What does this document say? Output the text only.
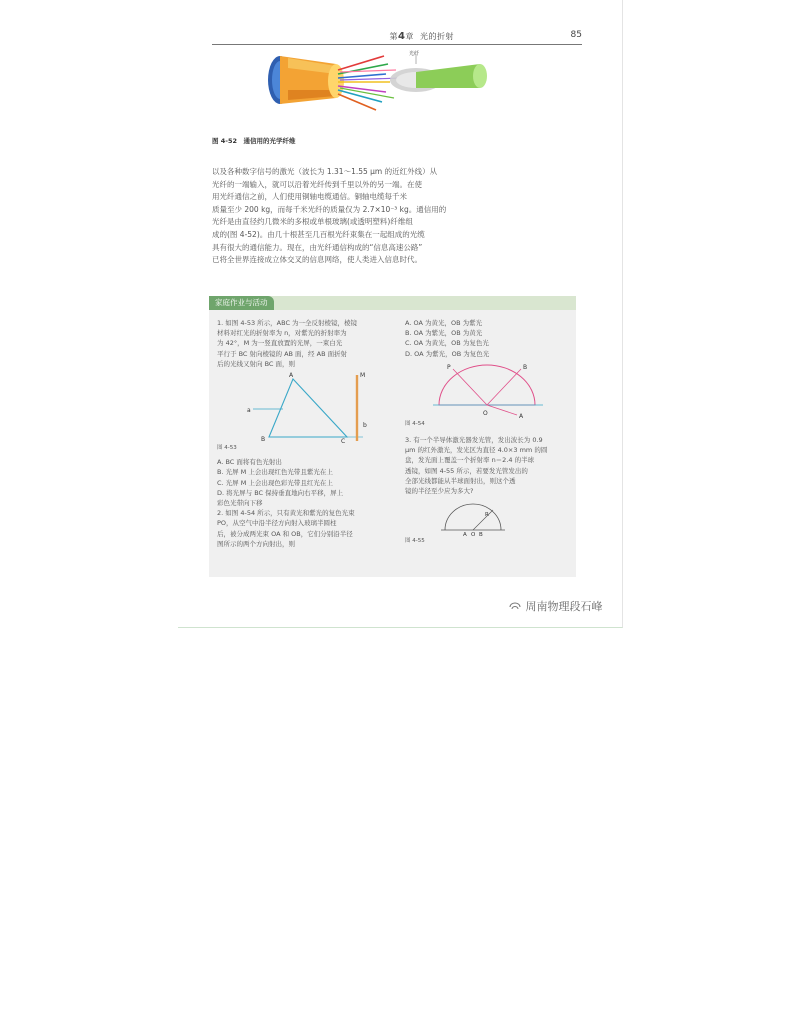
第4章 光的折射	85
光纤
图 4-52　通信用的光学纤维
以及各种数字信号的激光（波长为 1.31～1.55 μm 的近红外线）从
光纤的一端输入，就可以沿着光纤传到千里以外的另一端。在使
用光纤通信之前，人们使用铜轴电缆通信。铜轴电缆每千米
质量至少 200 kg，而每千米光纤的质量仅为 2.7×10⁻³ kg。通信用的
光纤是由直径约几微米的多根或单根玻璃(或透明塑料)纤维组
成的(图 4-52)。由几十根甚至几百根光纤束集在一起组成的光缆
具有很大的通信能力。现在，由光纤通信构成的“信息高速公路”
已将全世界连接成立体交叉的信息网络，使人类进入信息时代。
家庭作业与活动
1. 如图 4-53 所示，ABC 为一全反射棱镜，棱镜
材料对红光的折射率为 n，对紫光的折射率为
为 42°，M 为一竖直放置的光屏，一束白光
平行于 BC 射向棱镜的 AB 面，经 AB 面折射
后的光线又射向 BC 面，则
A
B	C
M
a
b
图 4-53
A. BC 面将有色光射出
B. 光屏 M 上会出现红色光带且紫光在上
C. 光屏 M 上会出现色彩光带且红光在上
D. 将光屏与 BC 保持垂直地向右平移，屏上
彩色光带向下移
2. 如图 4-54 所示，只有黄光和紫光的复色光束
PO，从空气中沿半径方向射入玻璃半圆柱
后，被分成两光束 OA 和 OB，它们分别沿半径
图所示的两个方向射出，则
A. OA 为黄光，OB 为紫光
B. OA 为紫光，OB 为黄光
C. OA 为黄光，OB 为复色光
D. OA 为紫光，OB 为复色光
P	B
O	A
图 4-54
3. 有一个半导体激光器发光管，发出波长为 0.9
μm 的红外激光，发光区为直径 4.0×3 mm 的圆
盘，发光面上覆盖一个折射率 n＝2.4 的半球
透镜，如图 4-55 所示，若要发光管发出的
全部光线都能从半球面射出，则这个透
镜的半径至少应为多大?
R
A O B
图 4-55
周南物理段石峰
